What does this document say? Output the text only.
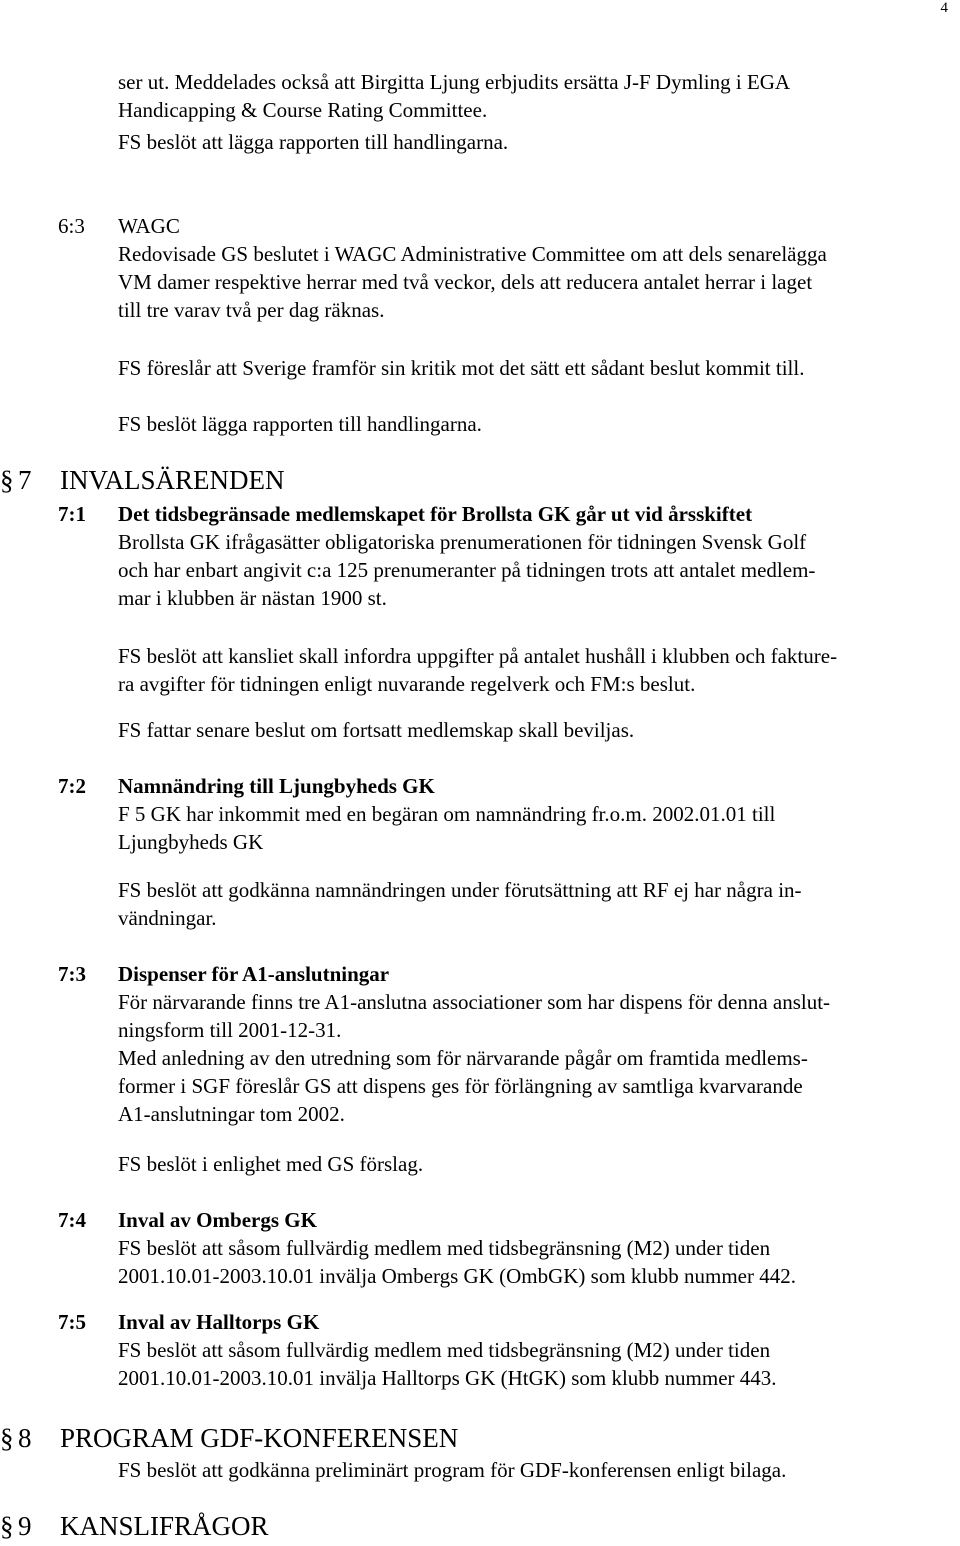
4
ser ut. Meddelades också att Birgitta Ljung erbjudits ersätta J-F Dymling i EGA
Handicapping & Course Rating Committee.
FS beslöt att lägga rapporten till handlingarna.
6:3 WAGC
Redovisade GS beslutet i WAGC Administrative Committee om att dels senarelägga
VM damer respektive herrar med två veckor, dels att reducera antalet herrar i laget
till tre varav två per dag räknas.
FS föreslår att Sverige framför sin kritik mot det sätt ett sådant beslut kommit till.
FS beslöt lägga rapporten till handlingarna.
§ 7 INVALSÄRENDEN
7:1 Det tidsbegränsade medlemskapet för Brollsta GK går ut vid årsskiftet
Brollsta GK ifrågasätter obligatoriska prenumerationen för tidningen Svensk Golf
och har enbart angivit c:a 125 prenumeranter på tidningen trots att antalet medlem-
mar i klubben är nästan 1900 st.
FS beslöt att kansliet skall infordra uppgifter på antalet hushåll i klubben och fakture-
ra avgifter för tidningen enligt nuvarande regelverk och FM:s beslut.
FS fattar senare beslut om fortsatt medlemskap skall beviljas.
7:2 Namnändring till Ljungbyheds GK
F 5 GK har inkommit med en begäran om namnändring fr.o.m. 2002.01.01 till
Ljungbyheds GK
FS beslöt att godkänna namnändringen under förutsättning att RF ej har några in-
vändningar.
7:3 Dispenser för A1-anslutningar
För närvarande finns tre A1-anslutna associationer som har dispens för denna anslut-
ningsform till 2001-12-31.
Med anledning av den utredning som för närvarande pågår om framtida medlems-
former i SGF föreslår GS att dispens ges för förlängning av samtliga kvarvarande
A1-anslutningar tom 2002.
FS beslöt i enlighet med GS förslag.
7:4 Inval av Ombergs GK
FS beslöt att såsom fullvärdig medlem med tidsbegränsning (M2) under tiden
2001.10.01-2003.10.01 invälja Ombergs GK (OmbGK) som klubb nummer 442.
7:5 Inval av Halltorps GK
FS beslöt att såsom fullvärdig medlem med tidsbegränsning (M2) under tiden
2001.10.01-2003.10.01 invälja Halltorps GK (HtGK) som klubb nummer 443.
§ 8 PROGRAM GDF-KONFERENSEN
FS beslöt att godkänna preliminärt program för GDF-konferensen enligt bilaga.
§ 9 KANSLIFRÅGOR
